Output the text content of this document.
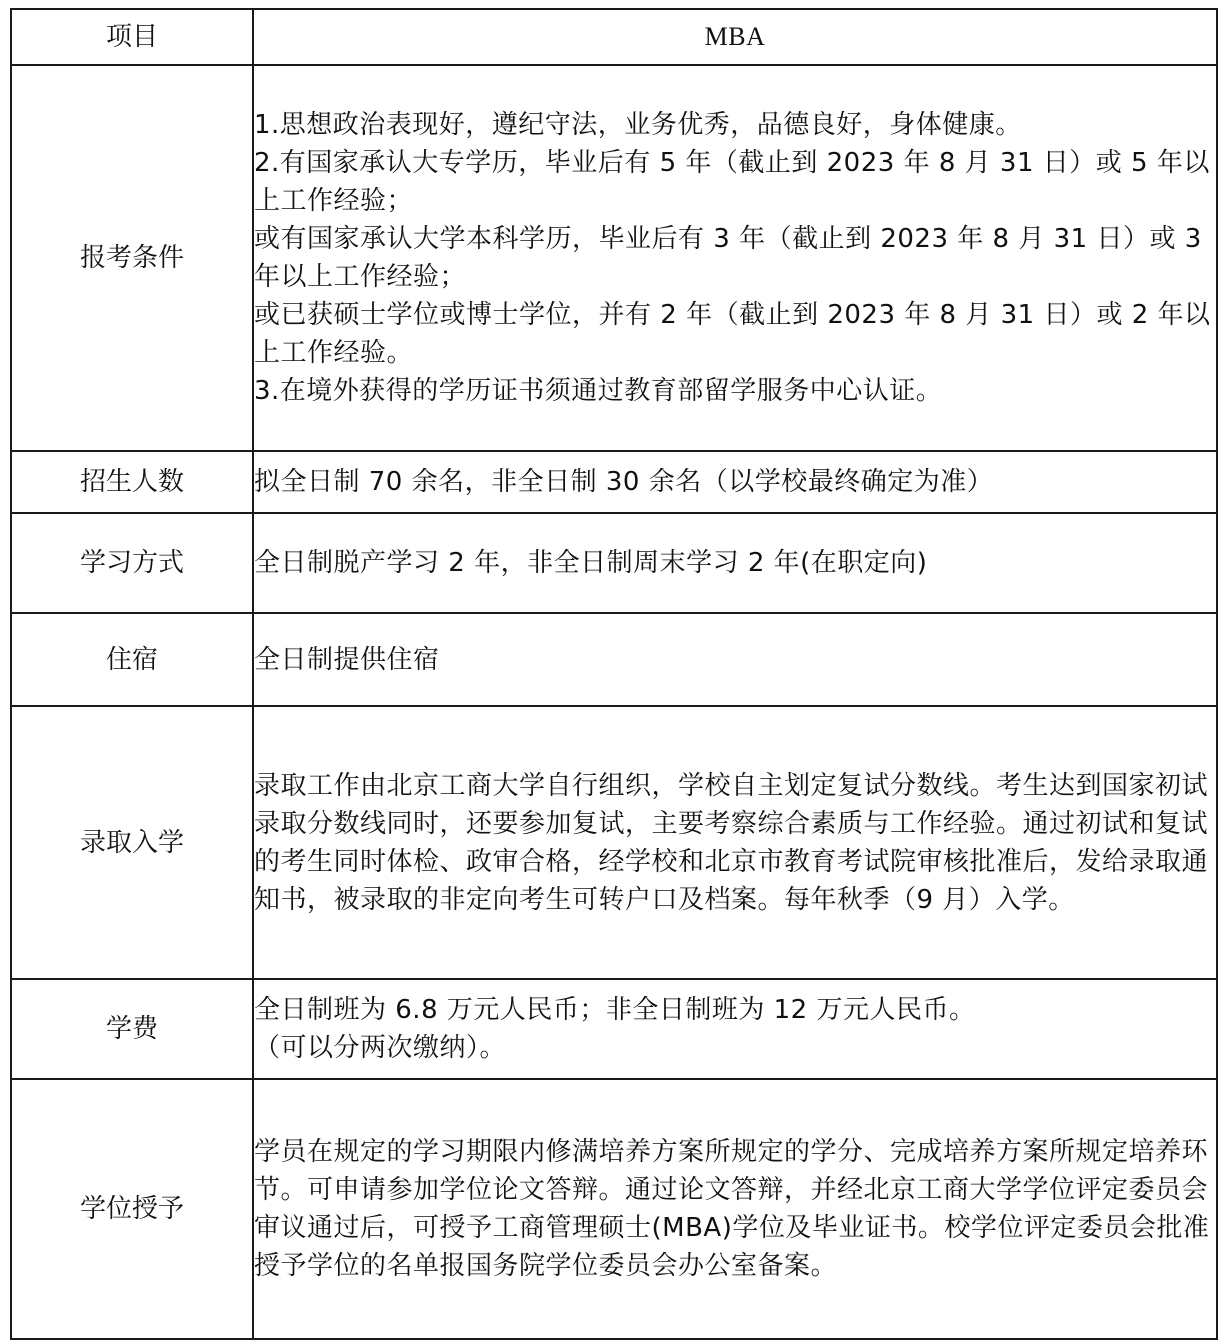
项目	MBA
报考条件	1.思想政治表现好，遵纪守法，业务优秀，品德良好，身体健康。
2.有国家承认大专学历，毕业后有 5 年（截止到 2023 年 8 月 31 日）或 5 年以上工作经验；
或有国家承认大学本科学历，毕业后有 3 年（截止到 2023 年 8 月 31 日）或 3 年以上工作经验；
或已获硕士学位或博士学位，并有 2 年（截止到 2023 年 8 月 31 日）或 2 年以上工作经验。
3.在境外获得的学历证书须通过教育部留学服务中心认证。

招生人数	拟全日制 70 余名，非全日制 30 余名（以学校最终确定为准）

学习方式	全日制脱产学习 2 年，非全日制周末学习 2 年(在职定向)

住宿	全日制提供住宿

录取入学	录取工作由北京工商大学自行组织，学校自主划定复试分数线。考生达到国家初试录取分数线同时，还要参加复试，主要考察综合素质与工作经验。通过初试和复试的考生同时体检、政审合格，经学校和北京市教育考试院审核批准后，发给录取通知书，被录取的非定向考生可转户口及档案。每年秋季（9 月）入学。

学费	全日制班为 6.8 万元人民币；非全日制班为 12 万元人民币。
（可以分两次缴纳）。

学位授予	学员在规定的学习期限内修满培养方案所规定的学分、完成培养方案所规定培养环节。可申请参加学位论文答辩。通过论文答辩，并经北京工商大学学位评定委员会审议通过后，可授予工商管理硕士(MBA)学位及毕业证书。校学位评定委员会批准授予学位的名单报国务院学位委员会办公室备案。
